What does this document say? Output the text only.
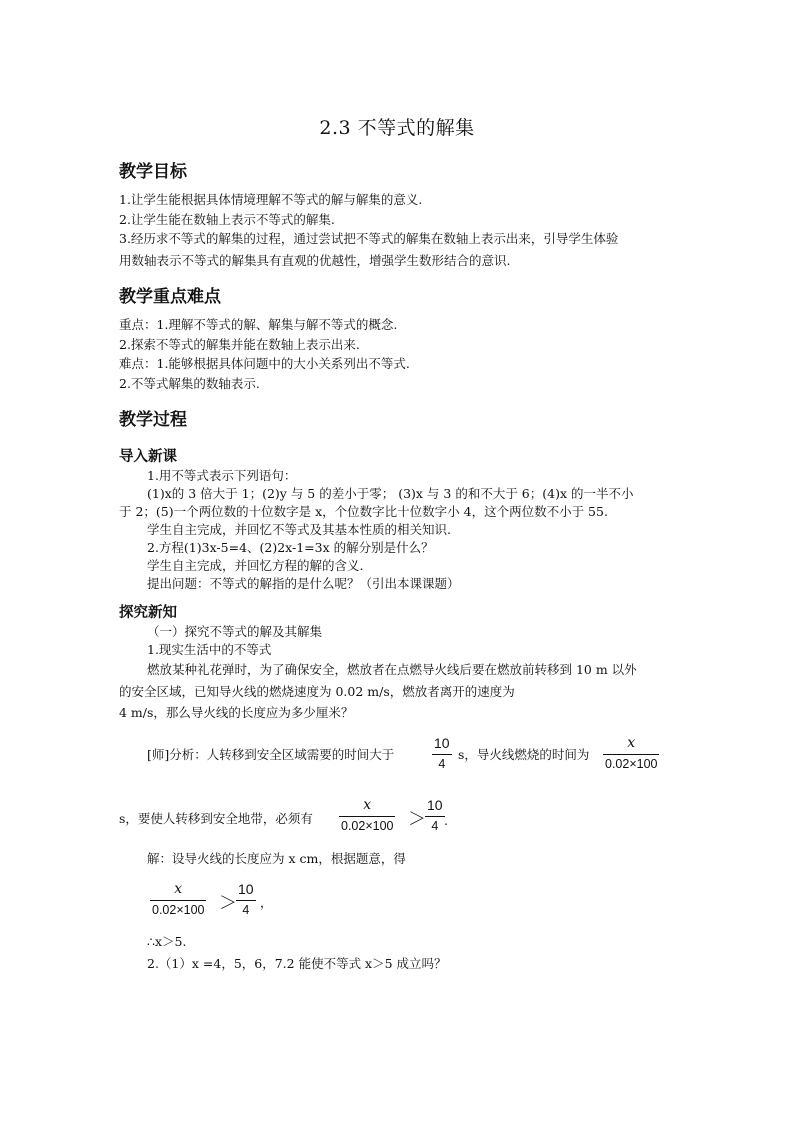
2.3 不等式的解集
教学目标
1.让学生能根据具体情境理解不等式的解与解集的意义.
2.让学生能在数轴上表示不等式的解集.
3.经历求不等式的解集的过程，通过尝试把不等式的解集在数轴上表示出来，引导学生体验
用数轴表示不等式的解集具有直观的优越性，增强学生数形结合的意识.
教学重点难点
重点：1.理解不等式的解、解集与解不等式的概念.
2.探索不等式的解集并能在数轴上表示出来.
难点：1.能够根据具体问题中的大小关系列出不等式.
2.不等式解集的数轴表示.
教学过程
导入新课
1.用不等式表示下列语句：
(1)x的 3 倍大于 1；(2)y 与 5 的差小于零； (3)x 与 3 的和不大于 6；(4)x 的一半不小
于 2；(5)一个两位数的十位数字是 x，个位数字比十位数字小 4，这个两位数不小于 55.
学生自主完成，并回忆不等式及其基本性质的相关知识.
2.方程(1)3x-5=4、(2)2x-1=3x 的解分别是什么？
学生自主完成，并回忆方程的解的含义.
提出问题：不等式的解指的是什么呢？（引出本课课题）
探究新知
（一）探究不等式的解及其解集
1.现实生活中的不等式
燃放某种礼花弹时，为了确保安全，燃放者在点燃导火线后要在燃放前转移到 10 m 以外
的安全区域，已知导火线的燃烧速度为 0.02 m/s，燃放者离开的速度为
4 m/s，那么导火线的长度应为多少厘米？
[师]分析：人转移到安全区域需要的时间大于
10
4
s，导火线燃烧的时间为
x
0.02×100
s，要使人转移到安全地带，必须有
x
0.02×100 ＞
10
4 .
解：设导火线的长度应为 x cm，根据题意，得
x
0.02×100 ＞
10
4 ，
∴x＞5.
2.（1）x =4，5，6，7.2 能使不等式 x＞5 成立吗？
